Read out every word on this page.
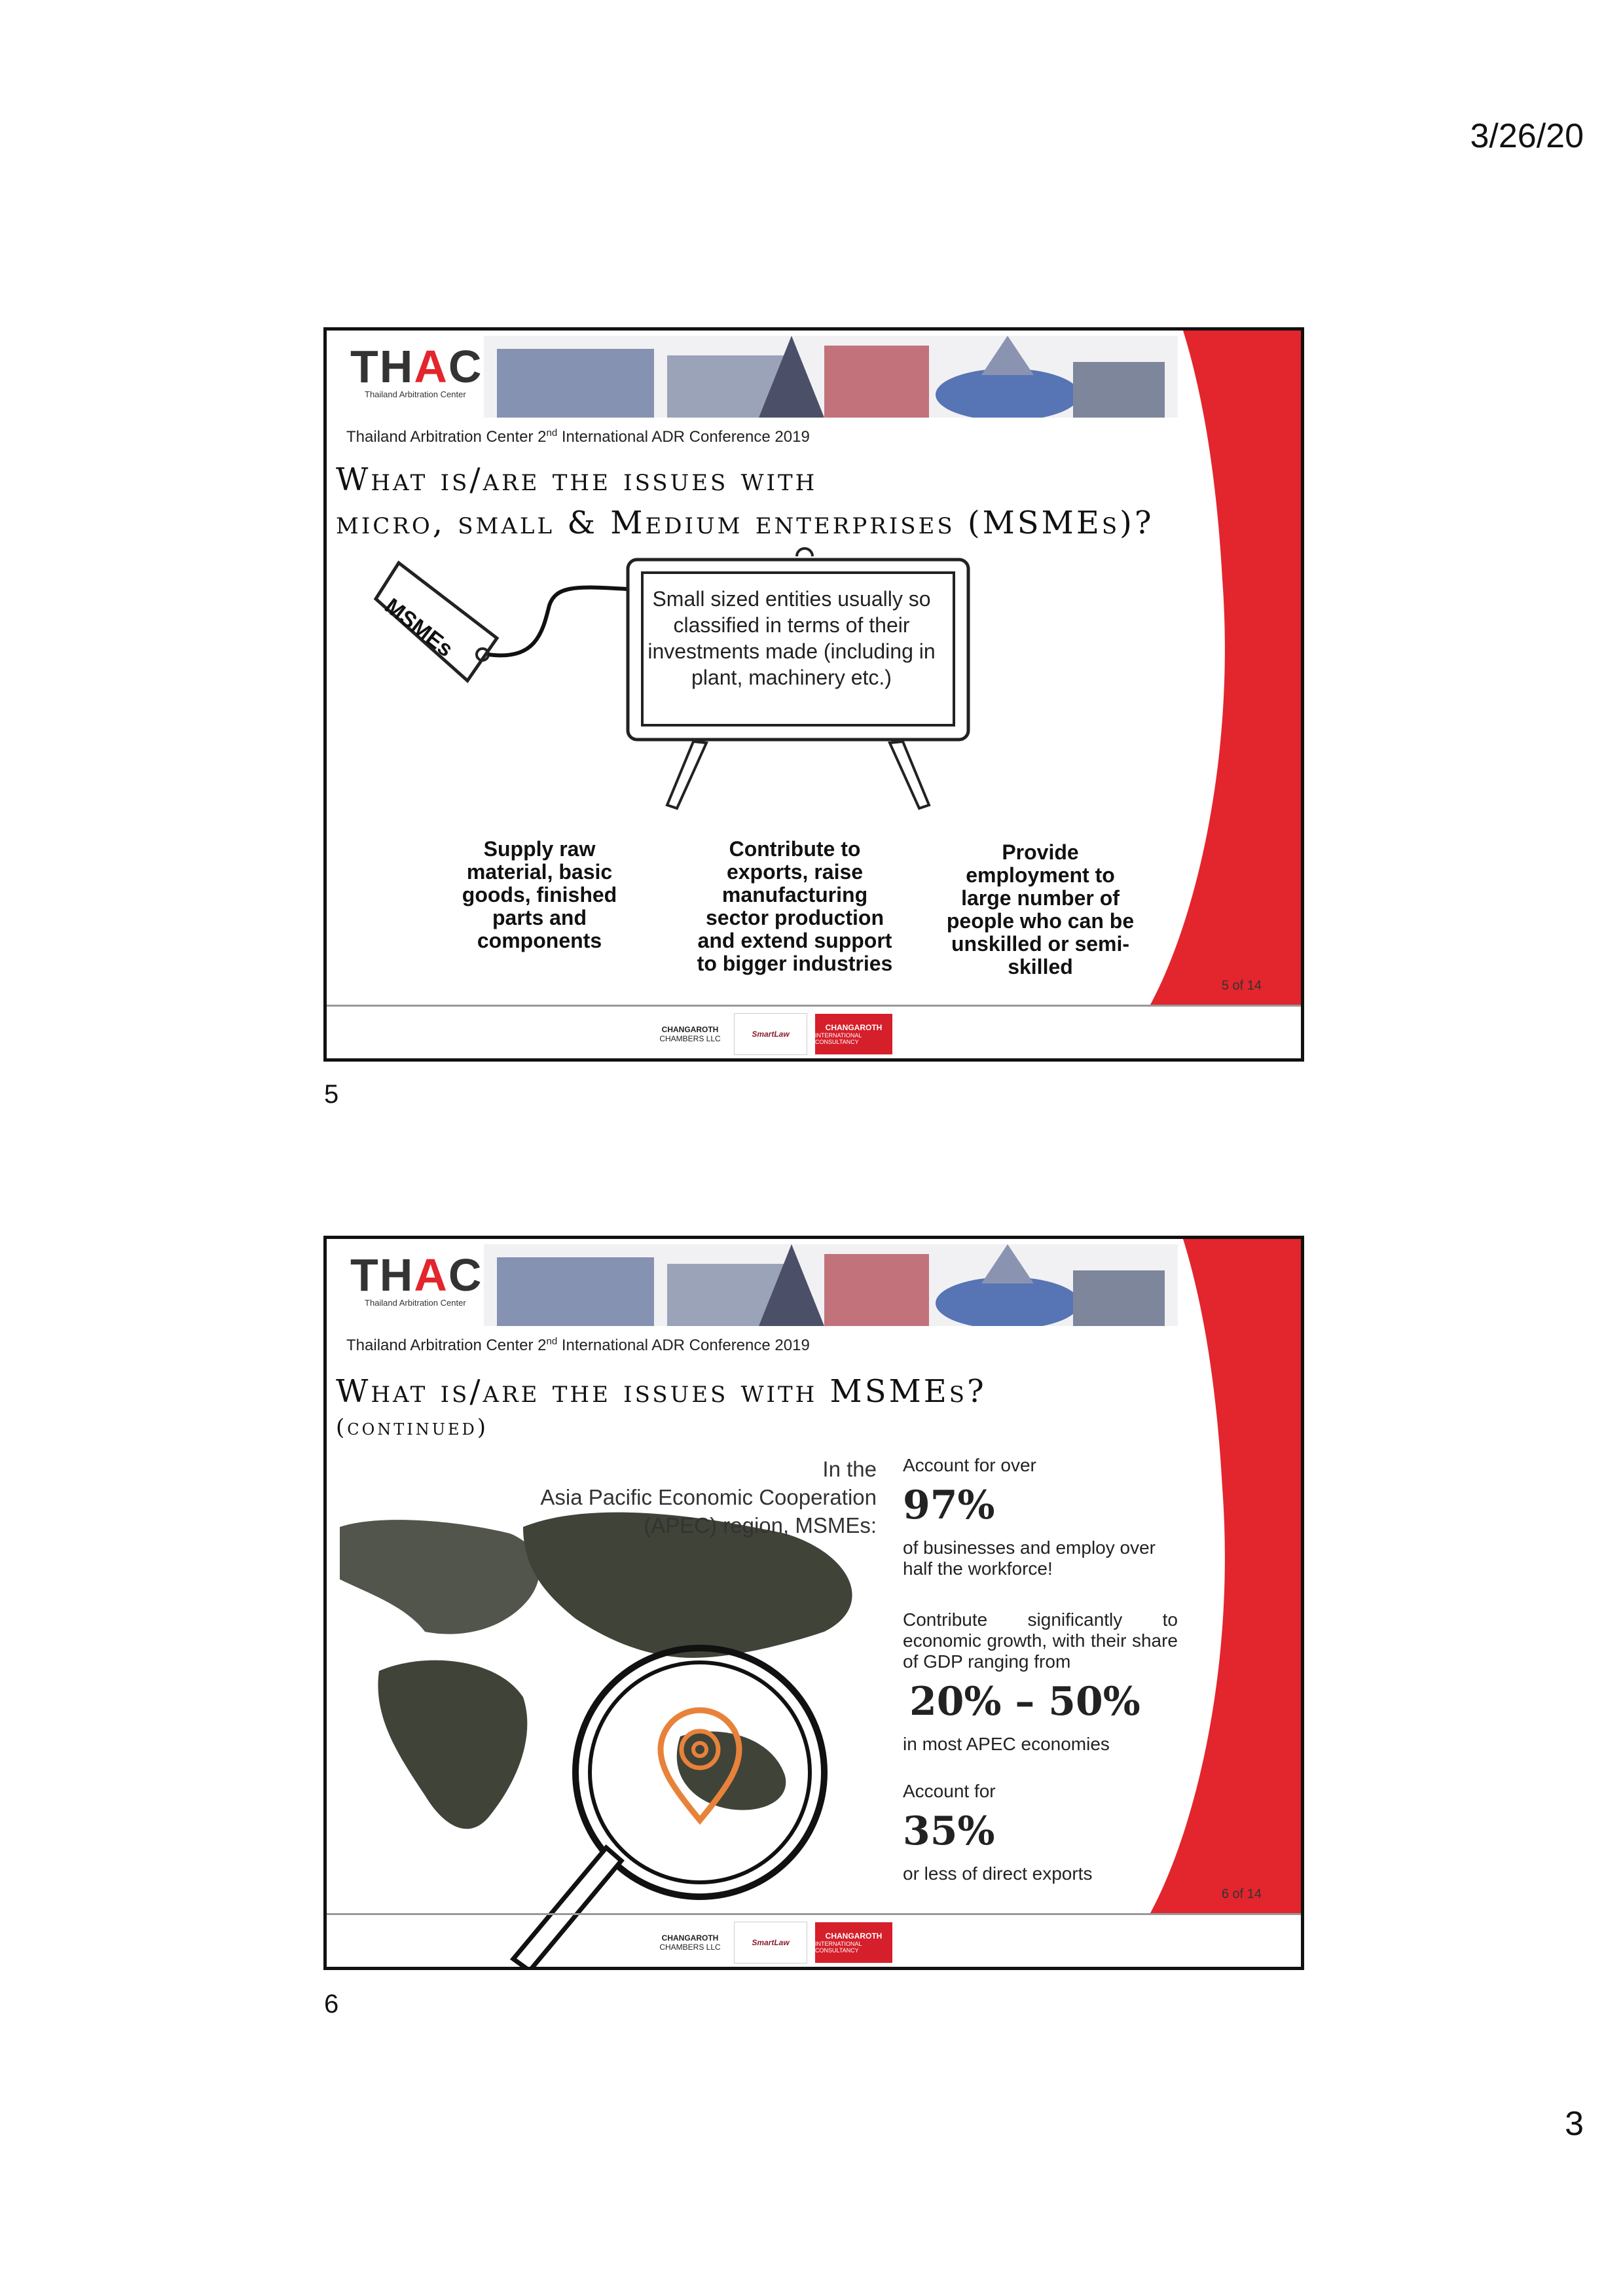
3/26/20
THAC
Thailand Arbitration Center
Thailand Arbitration Center 2nd International ADR Conference 2019
What is/are the issues with
micro, small & Medium enterprises (MSMEs)?
MSMEs	Small sized entities usually so classified in terms of their investments made (including in plant, machinery etc.)
Supply raw material, basic goods, finished parts and components
Contribute to exports, raise manufacturing sector production and extend support to bigger industries
Provide employment to large number of people who can be unskilled or semi-skilled
5 of 14
CHANGAROTH
CHAMBERS LLC	SmartLaw
CHANGAROTH
INTERNATIONAL CONSULTANCY
5
THAC
Thailand Arbitration Center
Thailand Arbitration Center 2nd International ADR Conference 2019
What is/are the issues with MSMEs?
(continued)
In the
Asia Pacific Economic Cooperation
(APEC) region, MSMEs:
Account for over
97%
of businesses and employ over half the workforce!
Contribute significantly to economic growth, with their share of GDP ranging from
20% – 50%
in most APEC economies
Account for
35%
or less of direct exports
6 of 14
CHANGAROTH
CHAMBERS LLC	SmartLaw
CHANGAROTH
INTERNATIONAL CONSULTANCY
6
3
